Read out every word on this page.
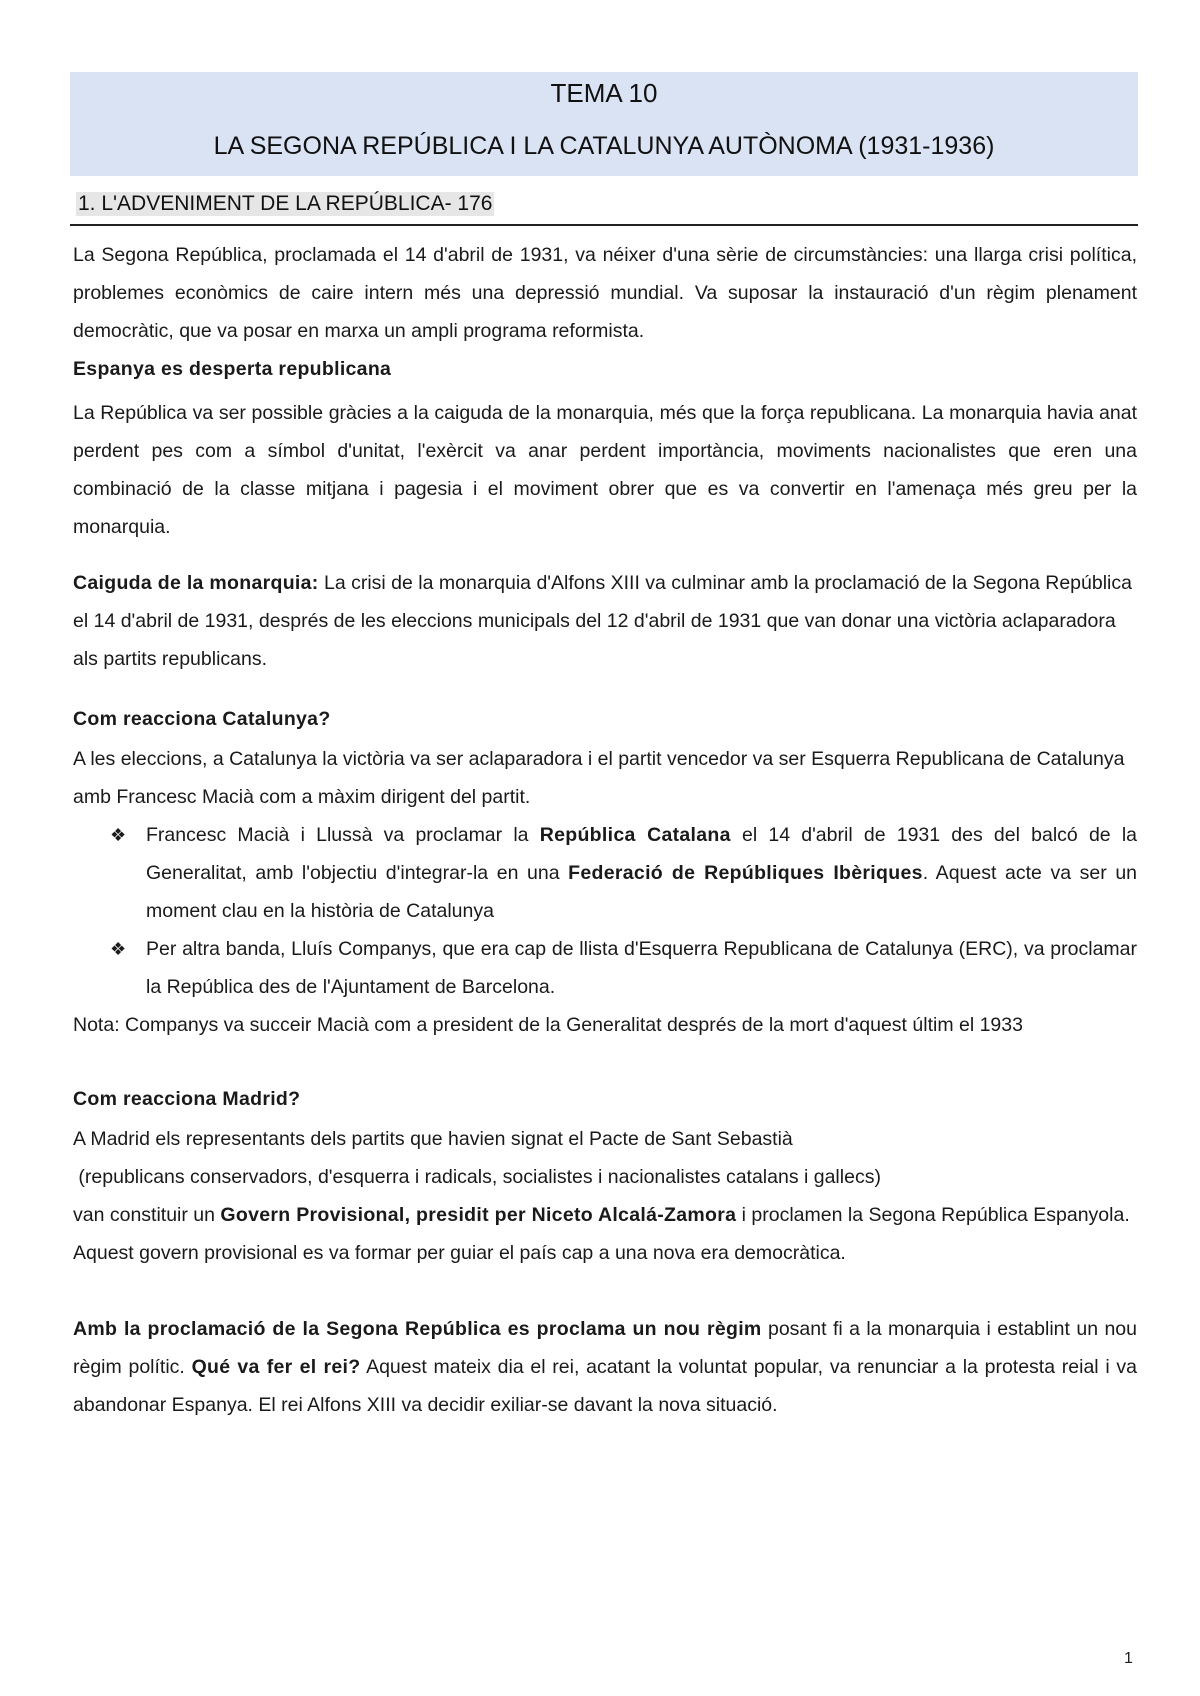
TEMA 10
LA SEGONA REPÚBLICA I LA CATALUNYA AUTÒNOMA (1931-1936)
1. L'ADVENIMENT DE LA REPÚBLICA- 176
La Segona República, proclamada el 14 d'abril de 1931, va néixer d'una sèrie de circumstàncies: una llarga crisi política, problemes econòmics de caire intern més una depressió mundial. Va suposar la instauració d'un règim plenament democràtic, que va posar en marxa un ampli programa reformista.
Espanya es desperta republicana
La República va ser possible gràcies a la caiguda de la monarquia, més que la força republicana. La monarquia havia anat perdent pes com a símbol d'unitat, l'exèrcit va anar perdent importància, moviments nacionalistes que eren una combinació de la classe mitjana i pagesia i el moviment obrer que es va convertir en l'amenaça més greu per la monarquia.
Caiguda de la monarquia: La crisi de la monarquia d'Alfons XIII va culminar amb la proclamació de la Segona República el 14 d'abril de 1931, després de les eleccions municipals del 12 d'abril de 1931 que van donar una victòria aclaparadora als partits republicans.
Com reacciona Catalunya?
A les eleccions, a Catalunya la victòria va ser aclaparadora i el partit vencedor va ser Esquerra Republicana de Catalunya amb Francesc Macià com a màxim dirigent del partit.
❖	Francesc Macià i Llussà va proclamar la República Catalana el 14 d'abril de 1931 des del balcó de la Generalitat, amb l'objectiu d'integrar-la en una Federació de Repúbliques Ibèriques. Aquest acte va ser un moment clau en la història de Catalunya
❖	Per altra banda, Lluís Companys, que era cap de llista d'Esquerra Republicana de Catalunya (ERC), va proclamar la República des de l'Ajuntament de Barcelona.
Nota: Companys va succeir Macià com a president de la Generalitat després de la mort d'aquest últim el 1933
Com reacciona Madrid?
A Madrid els representants dels partits que havien signat el Pacte de Sant Sebastià
(republicans conservadors, d'esquerra i radicals, socialistes i nacionalistes catalans i gallecs)
van constituir un Govern Provisional, presidit per Niceto Alcalá-Zamora i proclamen la Segona República Espanyola.
Aquest govern provisional es va formar per guiar el país cap a una nova era democràtica.
Amb la proclamació de la Segona República es proclama un nou règim posant fi a la monarquia i establint un nou règim polític. Qué va fer el rei? Aquest mateix dia el rei, acatant la voluntat popular, va renunciar a la protesta reial i va abandonar Espanya. El rei Alfons XIII va decidir exiliar-se davant la nova situació.
1
